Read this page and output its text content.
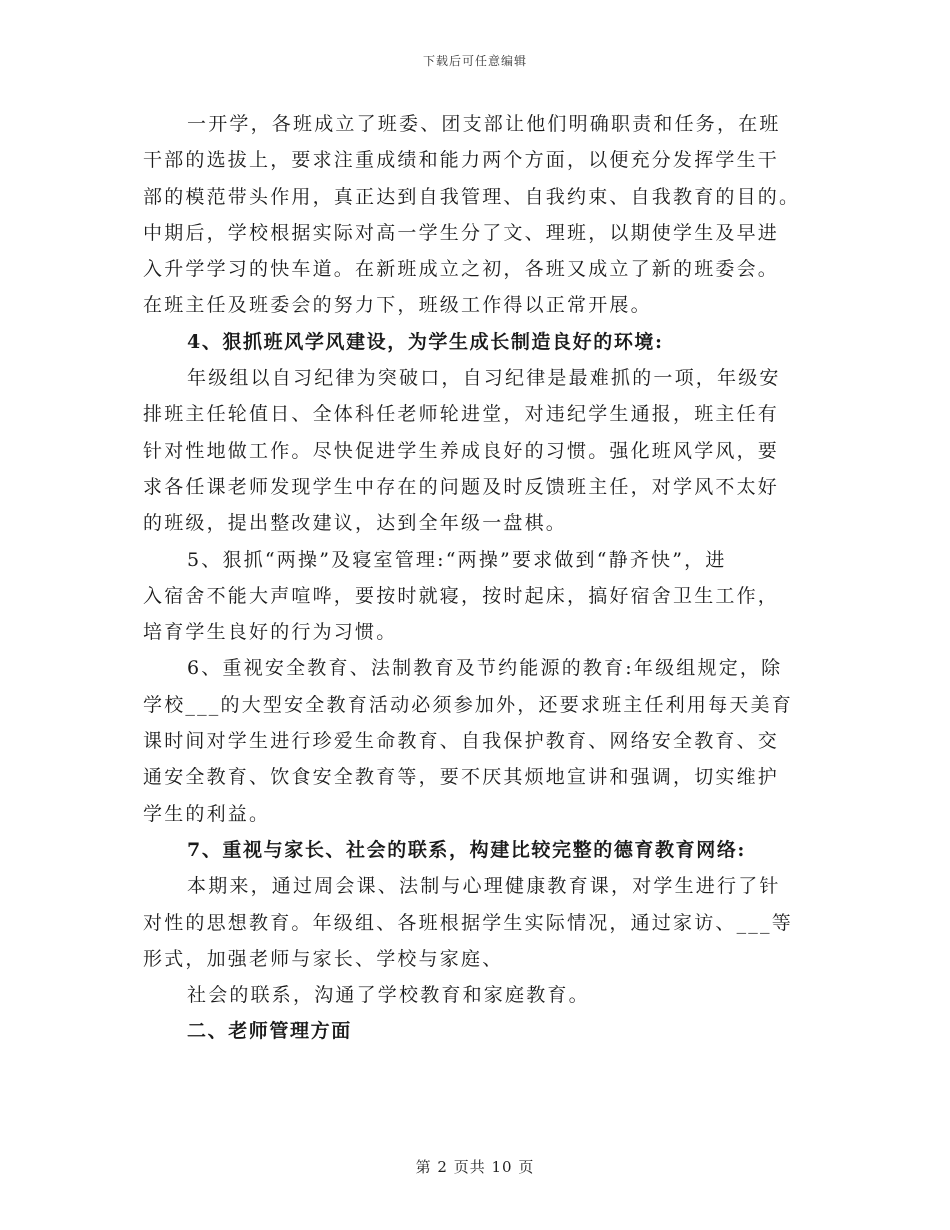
下载后可任意编辑
一开学，各班成立了班委、团支部让他们明确职责和任务，在班
干部的选拔上，要求注重成绩和能力两个方面，以便充分发挥学生干
部的模范带头作用，真正达到自我管理、自我约束、自我教育的目的。
中期后，学校根据实际对高一学生分了文、理班，以期使学生及早进
入升学学习的快车道。在新班成立之初，各班又成立了新的班委会。
在班主任及班委会的努力下，班级工作得以正常开展。
4、狠抓班风学风建设，为学生成长制造良好的环境:
年级组以自习纪律为突破口，自习纪律是最难抓的一项，年级安
排班主任轮值日、全体科任老师轮进堂，对违纪学生通报，班主任有
针对性地做工作。尽快促进学生养成良好的习惯。强化班风学风，要
求各任课老师发现学生中存在的问题及时反馈班主任，对学风不太好
的班级，提出整改建议，达到全年级一盘棋。
5、狠抓“两操”及寝室管理:“两操”要求做到“静齐快”，进
入宿舍不能大声喧哗，要按时就寝，按时起床，搞好宿舍卫生工作，
培育学生良好的行为习惯。
6、重视安全教育、法制教育及节约能源的教育:年级组规定，除
学校___的大型安全教育活动必须参加外，还要求班主任利用每天美育
课时间对学生进行珍爱生命教育、自我保护教育、网络安全教育、交
通安全教育、饮食安全教育等，要不厌其烦地宣讲和强调，切实维护
学生的利益。
7、重视与家长、社会的联系，构建比较完整的德育教育网络:
本期来，通过周会课、法制与心理健康教育课，对学生进行了针
对性的思想教育。年级组、各班根据学生实际情况，通过家访、___等
形式，加强老师与家长、学校与家庭、
社会的联系，沟通了学校教育和家庭教育。
二、老师管理方面
第 2 页共 10 页
